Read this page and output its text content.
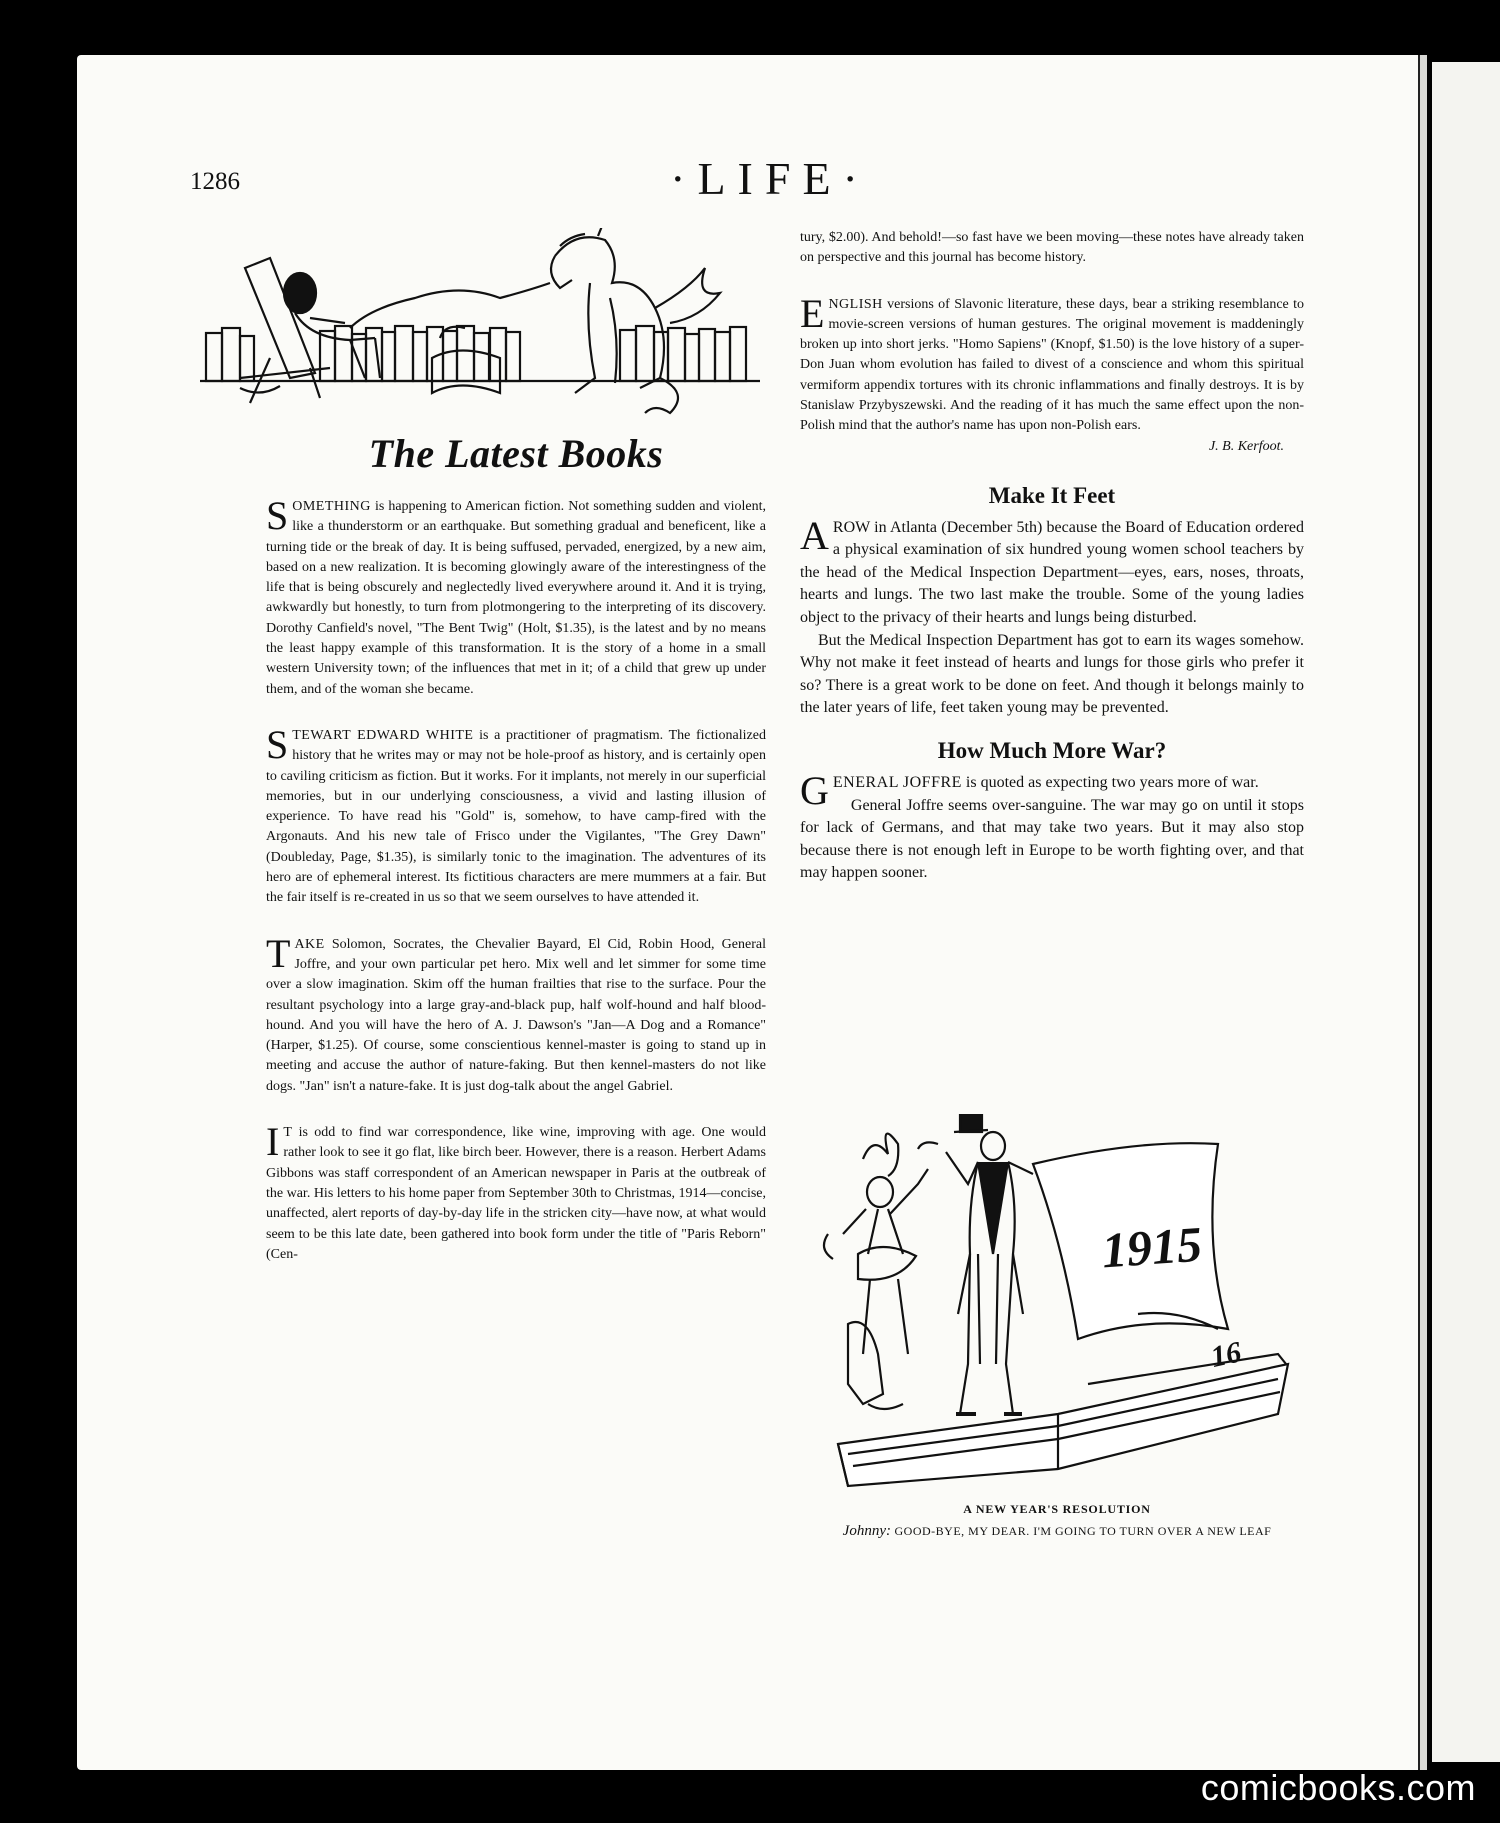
1286	·LIFE·
The Latest Books

SOMETHING is happening to American fiction. Not something sudden and violent, like a thunderstorm or an earthquake. But something gradual and beneficent, like a turning tide or the break of day. It is being suffused, pervaded, energized, by a new aim, based on a new realization. It is becoming glowingly aware of the interestingness of the life that is being obscurely and neglectedly lived everywhere around it. And it is trying, awkwardly but honestly, to turn from plotmongering to the interpreting of its discovery. Dorothy Canfield's novel, "The Bent Twig" (Holt, $1.35), is the latest and by no means the least happy example of this transformation. It is the story of a home in a small western University town; of the influences that met in it; of a child that grew up under them, and of the woman she became.

STEWART EDWARD WHITE is a practitioner of pragmatism. The fictionalized history that he writes may or may not be hole-proof as history, and is certainly open to caviling criticism as fiction. But it works. For it implants, not merely in our superficial memories, but in our underlying consciousness, a vivid and lasting illusion of experience. To have read his "Gold" is, somehow, to have camp-fired with the Argonauts. And his new tale of Frisco under the Vigilantes, "The Grey Dawn" (Doubleday, Page, $1.35), is similarly tonic to the imagination. The adventures of its hero are of ephemeral interest. Its fictitious characters are mere mummers at a fair. But the fair itself is re-created in us so that we seem ourselves to have attended it.

TAKE Solomon, Socrates, the Chevalier Bayard, El Cid, Robin Hood, General Joffre, and your own particular pet hero. Mix well and let simmer for some time over a slow imagination. Skim off the human frailties that rise to the surface. Pour the resultant psychology into a large gray-and-black pup, half wolf-hound and half blood-hound. And you will have the hero of A. J. Dawson's "Jan—A Dog and a Romance" (Harper, $1.25). Of course, some conscientious kennel-master is going to stand up in meeting and accuse the author of nature-faking. But then kennel-masters do not like dogs. "Jan" isn't a nature-fake. It is just dog-talk about the angel Gabriel.

I T is odd to find war correspondence, like wine, improving with age. One would rather look to see it go flat, like birch beer. However, there is a reason. Herbert Adams Gibbons was staff correspondent of an American newspaper in Paris at the outbreak of the war. His letters to his home paper from September 30th to Christmas, 1914—concise, unaffected, alert reports of day-by-day life in the stricken city—have now, at what would seem to be this late date, been gathered into book form under the title of "Paris Reborn" (Cen-

tury, $2.00). And behold!—so fast have we been moving—these notes have already taken on perspective and this journal has become history.

ENGLISH versions of Slavonic literature, these days, bear a striking resemblance to movie-screen versions of human gestures. The original movement is maddeningly broken up into short jerks. "Homo Sapiens" (Knopf, $1.50) is the love history of a super-Don Juan whom evolution has failed to divest of a conscience and whom this spiritual vermiform appendix tortures with its chronic inflammations and finally destroys. It is by Stanislaw Przybyszewski. And the reading of it has much the same effect upon the non-Polish mind that the author's name has upon non-Polish ears.

J. B. Kerfoot.

Make It Feet

A ROW in Atlanta (December 5th) because the Board of Education ordered a physical examination of six hundred young women school teachers by the head of the Medical Inspection Department—eyes, ears, noses, throats, hearts and lungs. The two last make the trouble. Some of the young ladies object to the privacy of their hearts and lungs being disturbed.

But the Medical Inspection Department has got to earn its wages somehow. Why not make it feet instead of hearts and lungs for those girls who prefer it so? There is a great work to be done on feet. And though it belongs mainly to the later years of life, feet taken young may be prevented.

How Much More War?

GENERAL JOFFRE is quoted as expecting two years more of war.

General Joffre seems over-sanguine. The war may go on until it stops for lack of Germans, and that may take two years. But it may also stop because there is not enough left in Europe to be worth fighting over, and that may happen sooner.

1915
16
A NEW YEAR'S RESOLUTION
Johnny: GOOD-BYE, MY DEAR. I'M GOING TO TURN OVER A NEW LEAF
comicbooks.com
